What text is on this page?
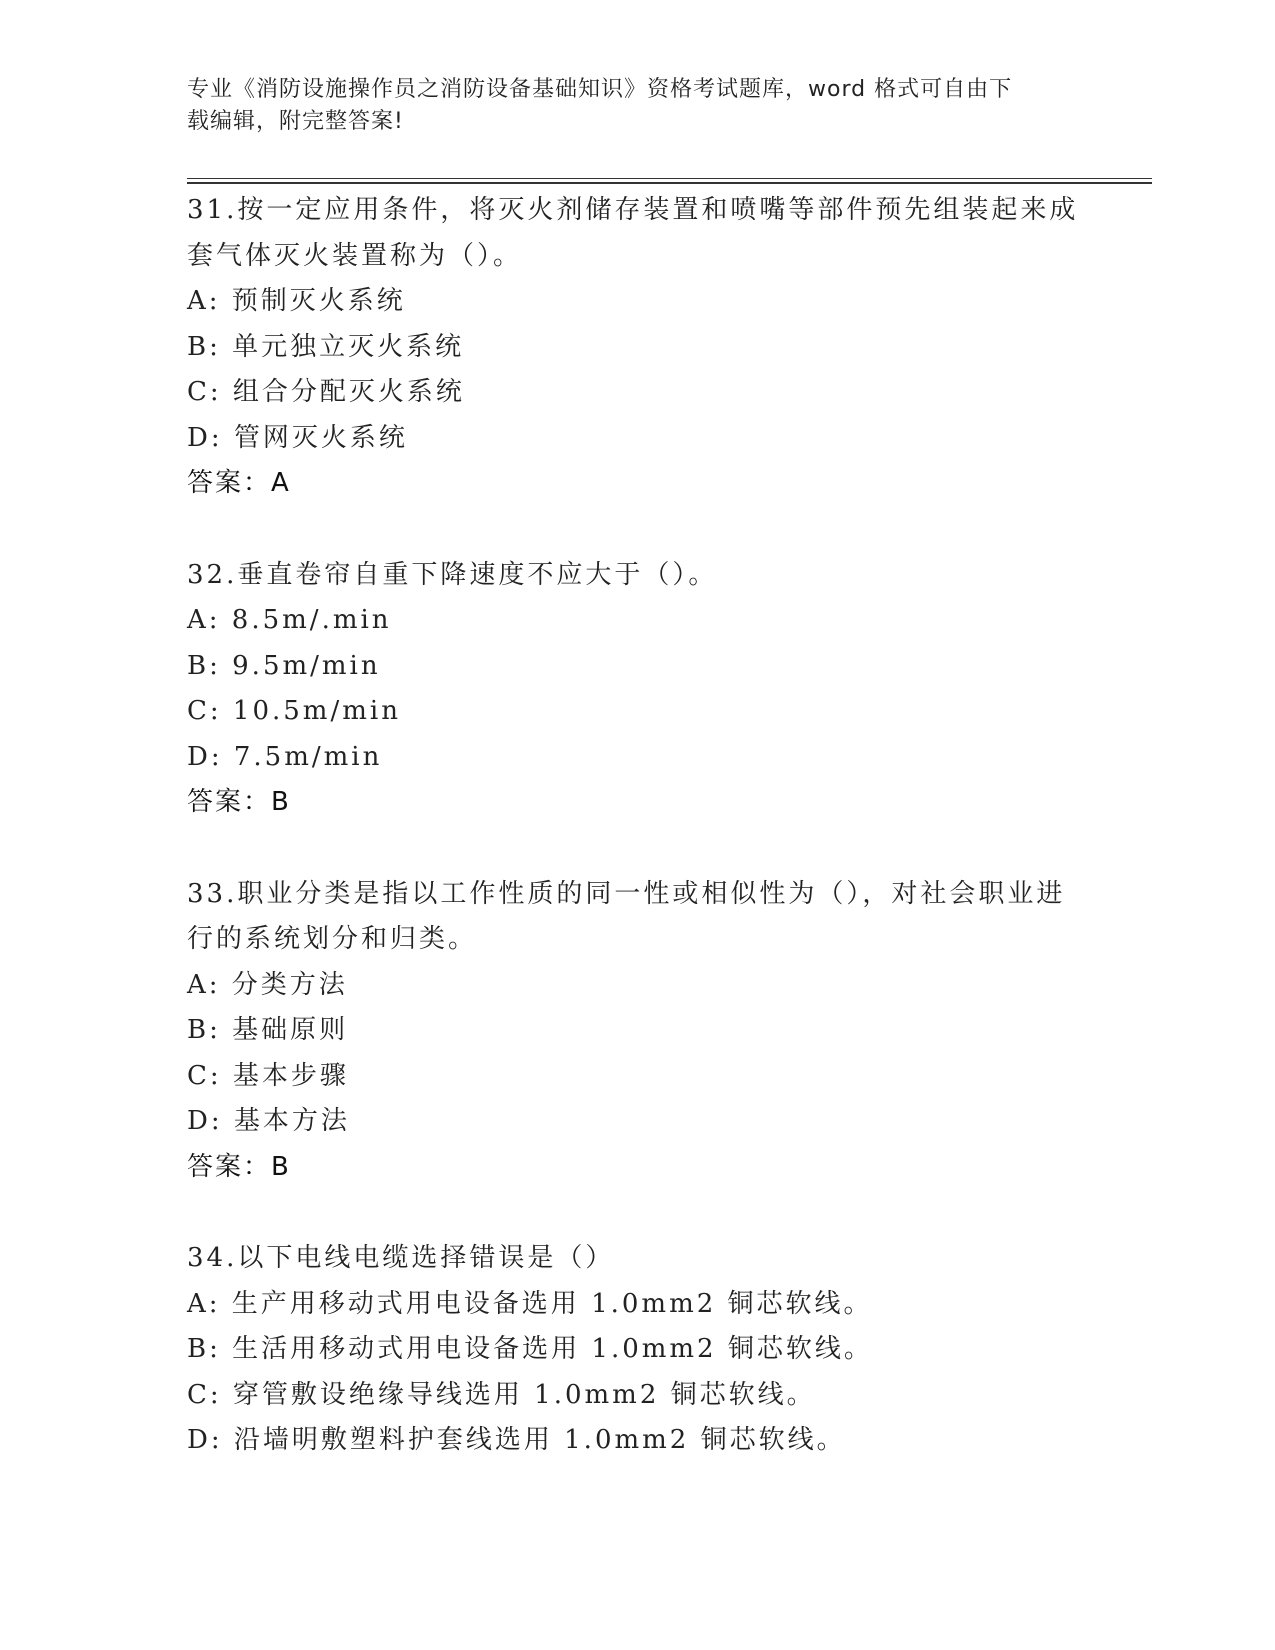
专业《消防设施操作员之消防设备基础知识》资格考试题库，word 格式可自由下
载编辑，附完整答案!
31.按一定应用条件，将灭火剂储存装置和喷嘴等部件预先组装起来成
套气体灭火装置称为（）。
A: 预制灭火系统
B: 单元独立灭火系统
C: 组合分配灭火系统
D: 管网灭火系统
答案：A
32.垂直卷帘自重下降速度不应大于（）。
A: 8.5m/.min
B: 9.5m/min
C: 10.5m/min
D: 7.5m/min
答案：B
33.职业分类是指以工作性质的同一性或相似性为（），对社会职业进
行的系统划分和归类。
A: 分类方法
B: 基础原则
C: 基本步骤
D: 基本方法
答案：B
34.以下电线电缆选择错误是（）
A: 生产用移动式用电设备选用 1.0mm2 铜芯软线。
B: 生活用移动式用电设备选用 1.0mm2 铜芯软线。
C: 穿管敷设绝缘导线选用 1.0mm2 铜芯软线。
D: 沿墙明敷塑料护套线选用 1.0mm2 铜芯软线。
